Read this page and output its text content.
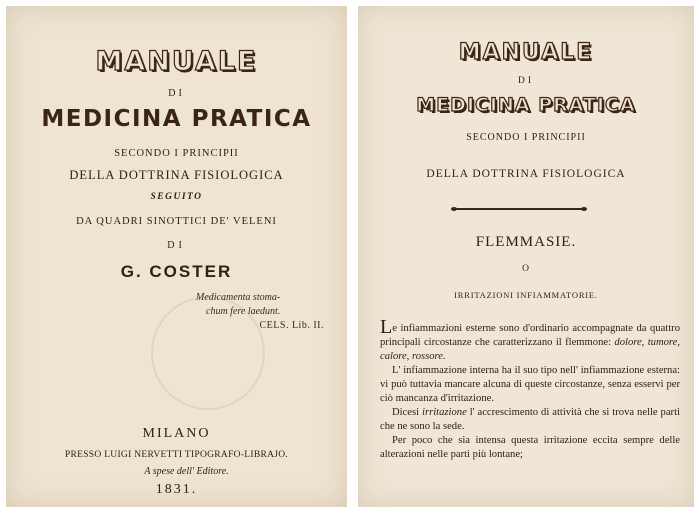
MANUALE
DI
MEDICINA PRATICA
SECONDO I PRINCIPII
DELLA DOTTRINA FISIOLOGICA
SEGUITO
DA QUADRI SINOTTICI DE' VELENI
DI
G. COSTER
Medicamenta stoma-
chum fere laedunt.
CELS. Lib. II.
MILANO
PRESSO LUIGI NERVETTI TIPOGRAFO-LIBRAJO.
A spese dell' Editore.
1831.
MANUALE
DI
MEDICINA PRATICA
SECONDO I PRINCIPII
DELLA DOTTRINA FISIOLOGICA
FLEMMASIE.
O
IRRITAZIONI INFIAMMATORIE.

Le infiammazioni esterne sono d'ordinario accompagnate da quattro principali circostanze che caratterizzano il flemmone: dolore, tumore, calore, rossore.

L' infiammazione interna ha il suo tipo nell' infiammazione esterna: vi può tuttavia mancare alcuna di queste circostanze, senza esservi per ciò mancanza d'irritazione.

Dicesi irritazione l' accrescimento di attività che si trova nelle parti che ne sono la sede.

Per poco che sia intensa questa irritazione eccita sempre delle alterazioni nelle parti più lontane;
